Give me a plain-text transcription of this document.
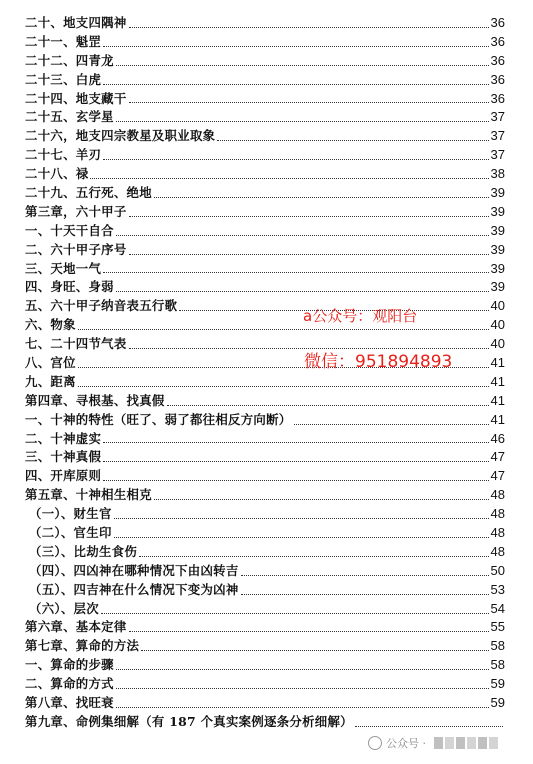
二十、地支四隅神	36
二十一、魁罡	36
二十二、四青龙	36
二十三、白虎	36
二十四、地支藏干	36
二十五、玄学星	37
二十六，地支四宗教星及职业取象	37
二十七、羊刃	37
二十八、禄	38
二十九、五行死、绝地	39
第三章，六十甲子	39
一、十天干自合	39
二、六十甲子序号	39
三、天地一气	39
四、身旺、身弱	39
五、六十甲子纳音表五行歌	40
六、物象	40
七、二十四节气表	40
八、宫位	41
九、距离	41
第四章、寻根基、找真假	41
一、十神的特性（旺了、弱了都往相反方向断）	41
二、十神虚实	46
三、十神真假	47
四、开库原则	47
第五章、十神相生相克	48
（一）、财生官	48
（二）、官生印	48
（三）、比劫生食伤	48
（四）、四凶神在哪种情况下由凶转吉	50
（五）、四吉神在什么情况下变为凶神	53
（六）、层次	54
第六章、基本定律	55
第七章、算命的方法	58
一、算命的步骤	58
二、算命的方式	59
第八章、找旺衰	59
第九章、命例集细解（有 187 个真实案例逐条分析细解）
a公众号：观阳台
微信：951894893
公众号 ·
